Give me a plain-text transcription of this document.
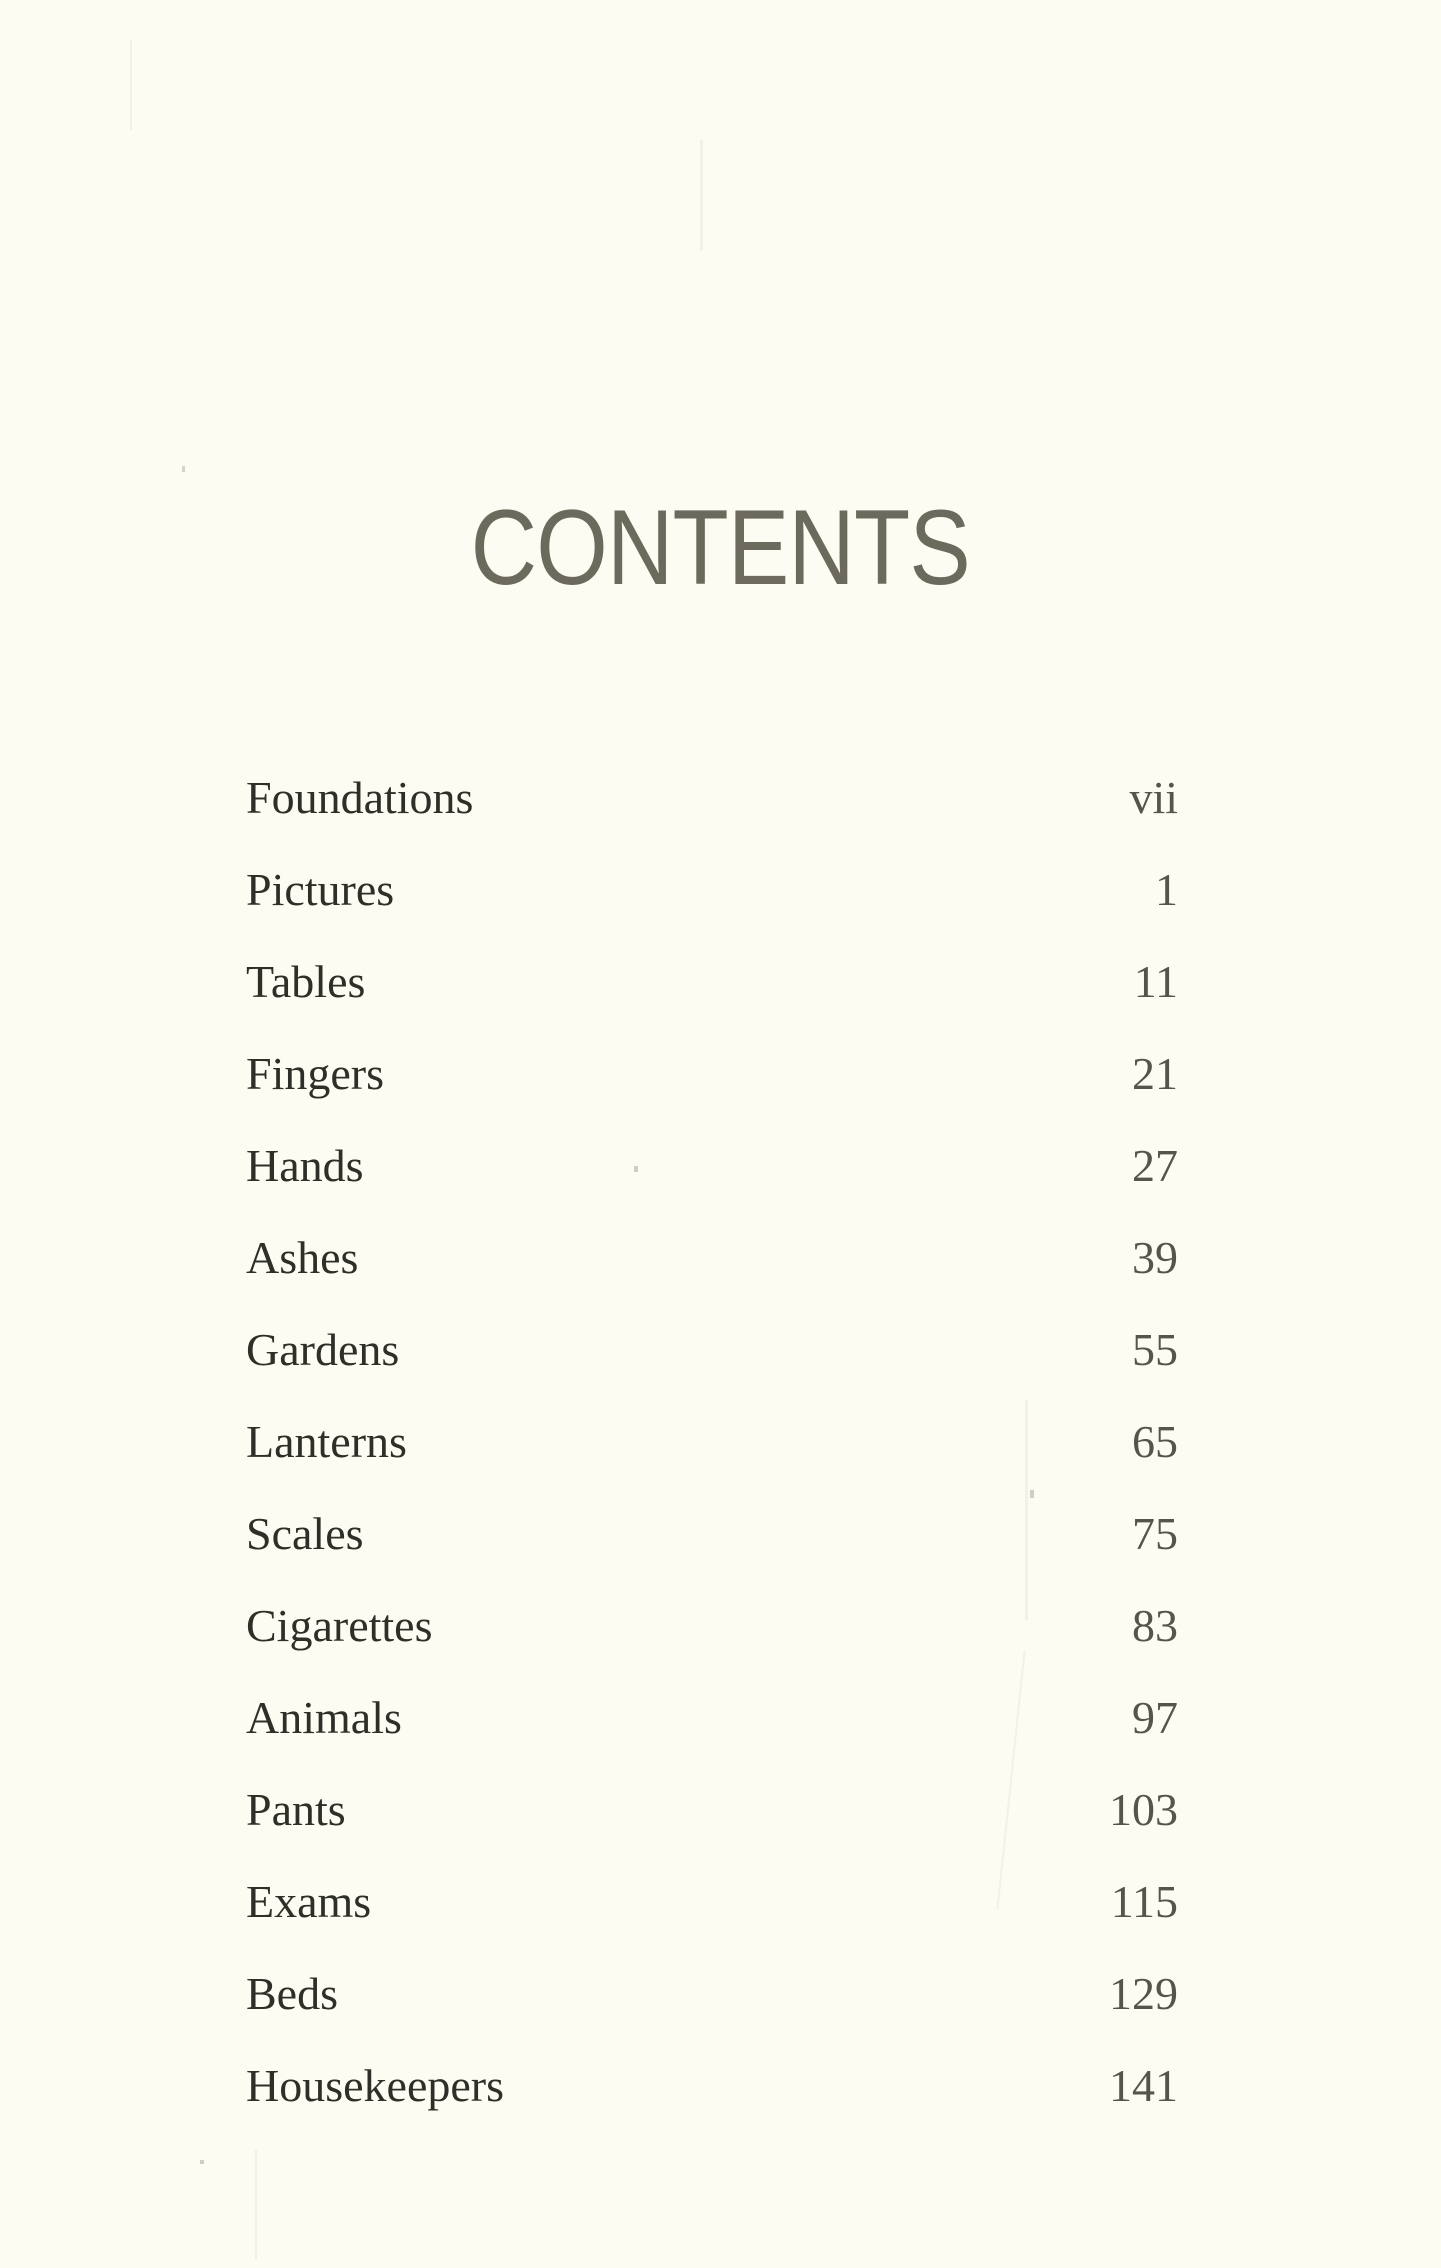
CONTENTS
Foundations	vii
Pictures	1
Tables	11
Fingers	21
Hands	27
Ashes	39
Gardens	55
Lanterns	65
Scales	75
Cigarettes	83
Animals	97
Pants	103
Exams	115
Beds	129
Housekeepers	141
